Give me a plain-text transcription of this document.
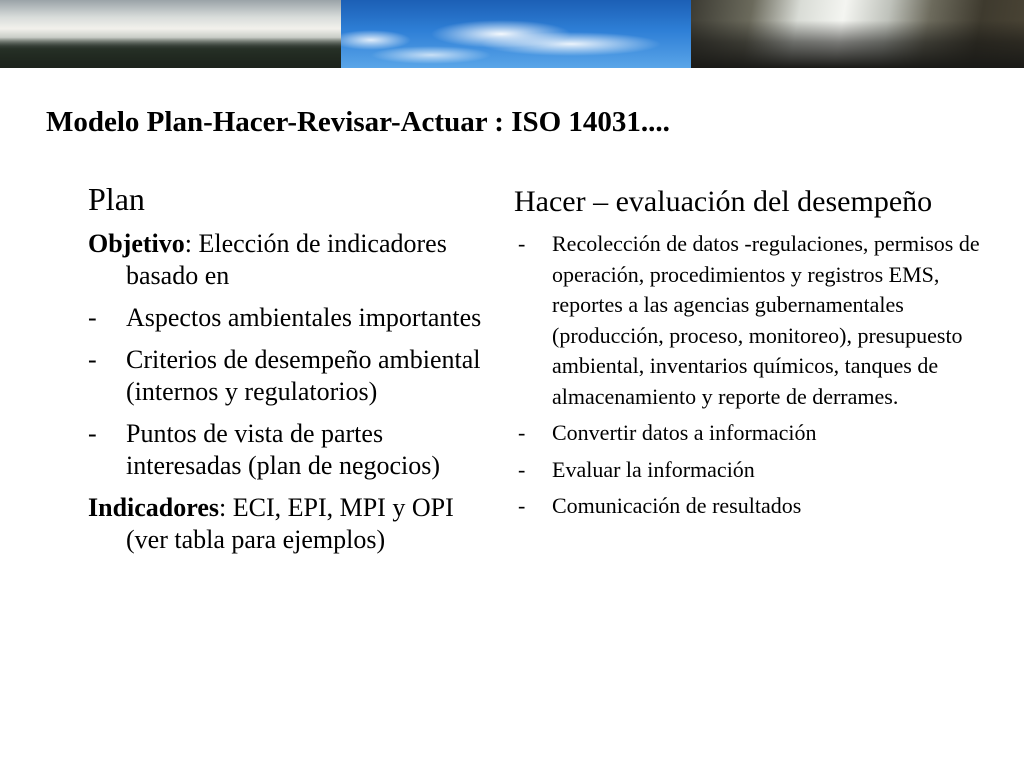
Modelo Plan-Hacer-Revisar-Actuar : ISO 14031....

Plan

Objetivo: Elección de indicadores basado en

- Aspectos ambientales importantes
- Criterios de desempeño ambiental (internos y regulatorios)
- Puntos de vista de partes interesadas (plan de negocios)

Indicadores: ECI, EPI, MPI y OPI (ver tabla para ejemplos)

Hacer – evaluación del desempeño

- Recolección de datos -regulaciones, permisos de operación, procedimientos y registros EMS, reportes a las agencias gubernamentales (producción, proceso, monitoreo), presupuesto ambiental, inventarios químicos, tanques de almacenamiento y reporte de derrames.
- Convertir datos a información
- Evaluar la información
- Comunicación de resultados
